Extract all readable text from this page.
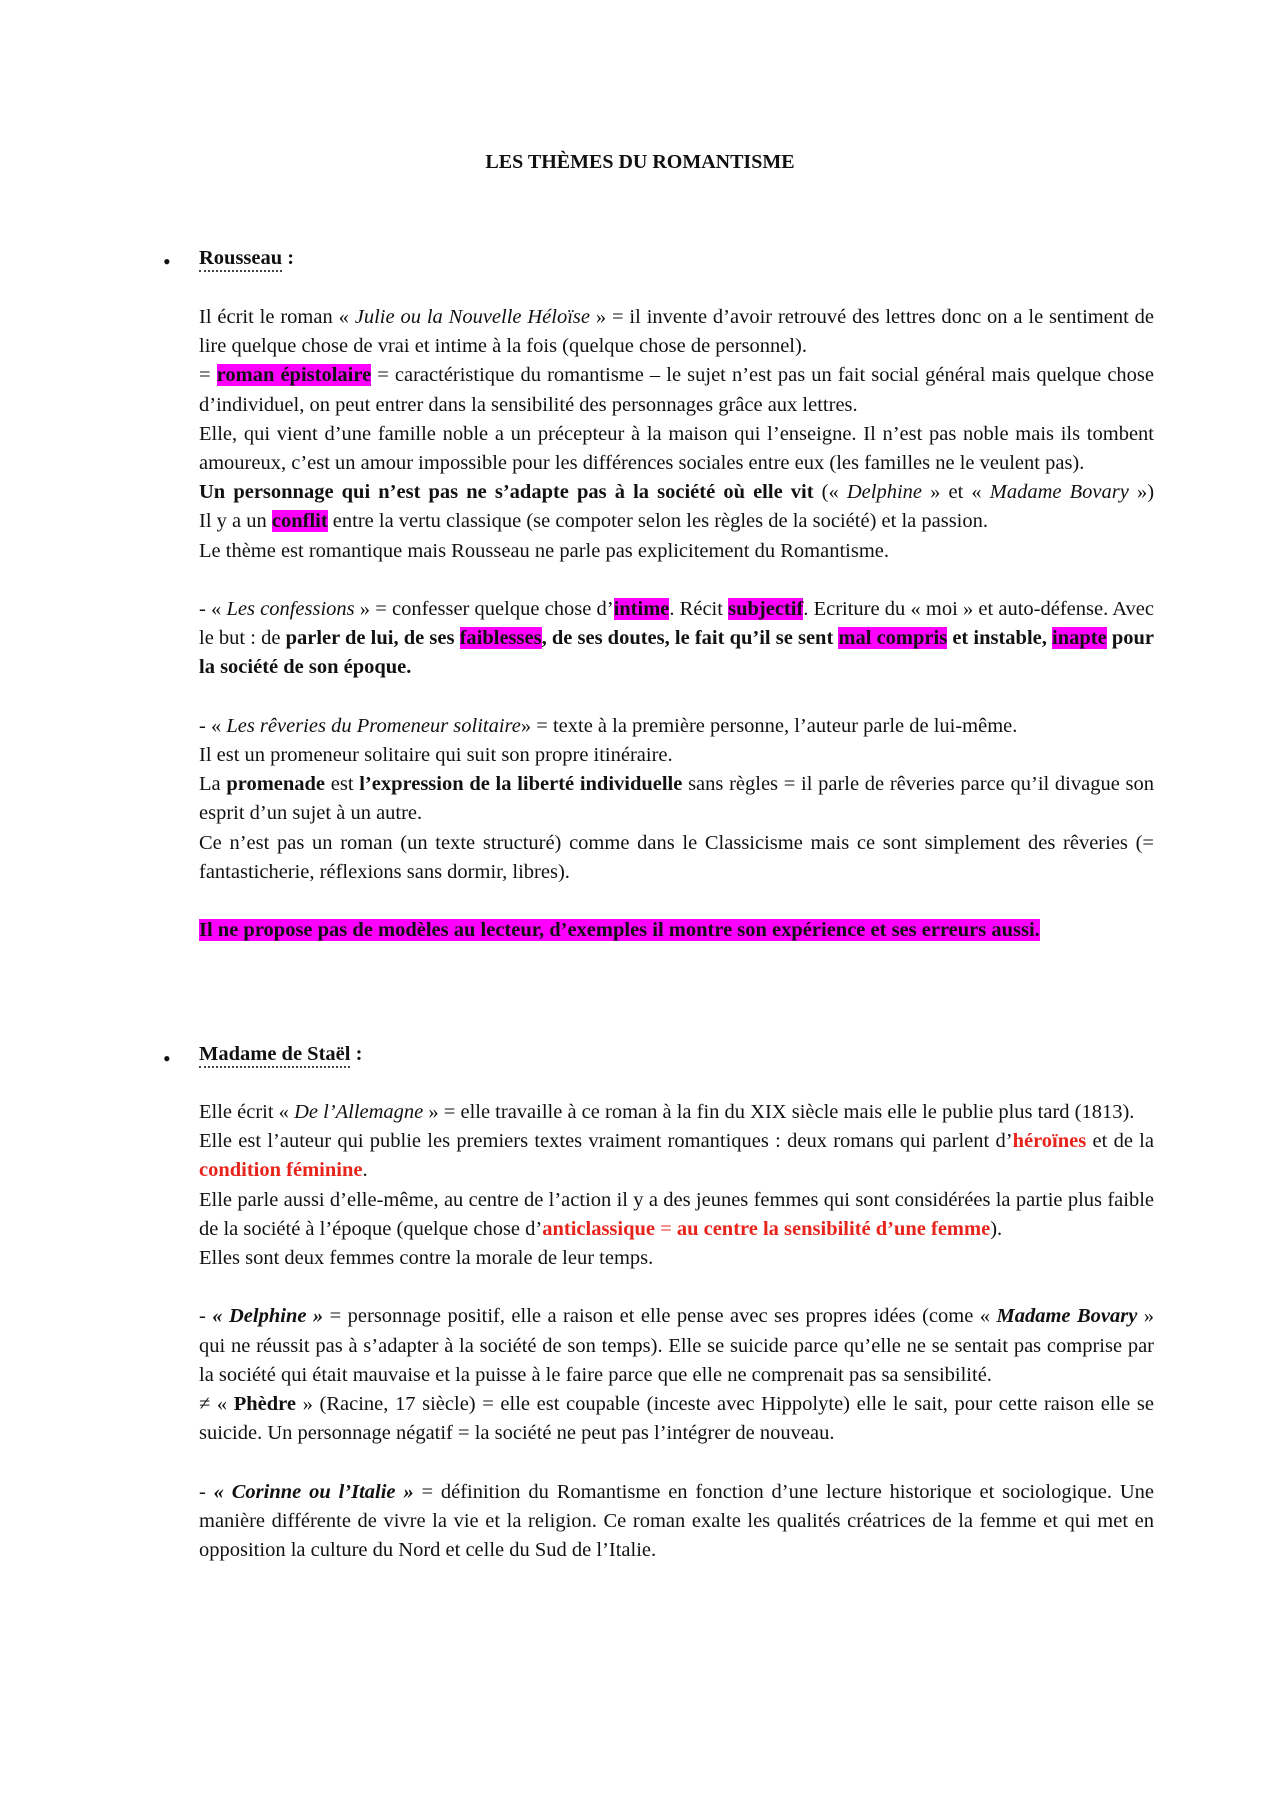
LES THÈMES DU ROMANTISME
• Rousseau :

Il écrit le roman « Julie ou la Nouvelle Héloïse » = il invente d’avoir retrouvé des lettres donc on a le sentiment de lire quelque chose de vrai et intime à la fois (quelque chose de personnel).

= roman épistolaire = caractéristique du romantisme – le sujet n’est pas un fait social général mais quelque chose d’individuel, on peut entrer dans la sensibilité des personnages grâce aux lettres.

Elle, qui vient d’une famille noble a un précepteur à la maison qui l’enseigne. Il n’est pas noble mais ils tombent amoureux, c’est un amour impossible pour les différences sociales entre eux (les familles ne le veulent pas).

Un personnage qui n’est pas ne s’adapte pas à la société où elle vit (« Delphine » et « Madame Bovary »)

Il y a un conflit entre la vertu classique (se compoter selon les règles de la société) et la passion.

Le thème est romantique mais Rousseau ne parle pas explicitement du Romantisme.

- « Les confessions » = confesser quelque chose d’intime. Récit subjectif. Ecriture du « moi » et auto-défense. Avec le but : de parler de lui, de ses faiblesses, de ses doutes, le fait qu’il se sent mal compris et instable, inapte pour la société de son époque.

- « Les rêveries du Promeneur solitaire» = texte à la première personne, l’auteur parle de lui-même.

Il est un promeneur solitaire qui suit son propre itinéraire.

La promenade est l’expression de la liberté individuelle sans règles = il parle de rêveries parce qu’il divague son esprit d’un sujet à un autre.

Ce n’est pas un roman (un texte structuré) comme dans le Classicisme mais ce sont simplement des rêveries (= fantasticherie, réflexions sans dormir, libres).

Il ne propose pas de modèles au lecteur, d’exemples il montre son expérience et ses erreurs aussi.

• Madame de Staël :

Elle écrit « De l’Allemagne » = elle travaille à ce roman à la fin du XIX siècle mais elle le publie plus tard (1813).

Elle est l’auteur qui publie les premiers textes vraiment romantiques : deux romans qui parlent d’héroïnes et de la condition féminine.

Elle parle aussi d’elle-même, au centre de l’action il y a des jeunes femmes qui sont considérées la partie plus faible de la société à l’époque (quelque chose d’anticlassique = au centre la sensibilité d’une femme).

Elles sont deux femmes contre la morale de leur temps.

- « Delphine » = personnage positif, elle a raison et elle pense avec ses propres idées (come « Madame Bovary » qui ne réussit pas à s’adapter à la société de son temps). Elle se suicide parce qu’elle ne se sentait pas comprise par la société qui était mauvaise et la puisse à le faire parce que elle ne comprenait pas sa sensibilité.

≠ « Phèdre » (Racine, 17 siècle) = elle est coupable (inceste avec Hippolyte) elle le sait, pour cette raison elle se suicide. Un personnage négatif = la société ne peut pas l’intégrer de nouveau.

- « Corinne ou l’Italie » = définition du Romantisme en fonction d’une lecture historique et sociologique. Une manière différente de vivre la vie et la religion. Ce roman exalte les qualités créatrices de la femme et qui met en opposition la culture du Nord et celle du Sud de l’Italie.
